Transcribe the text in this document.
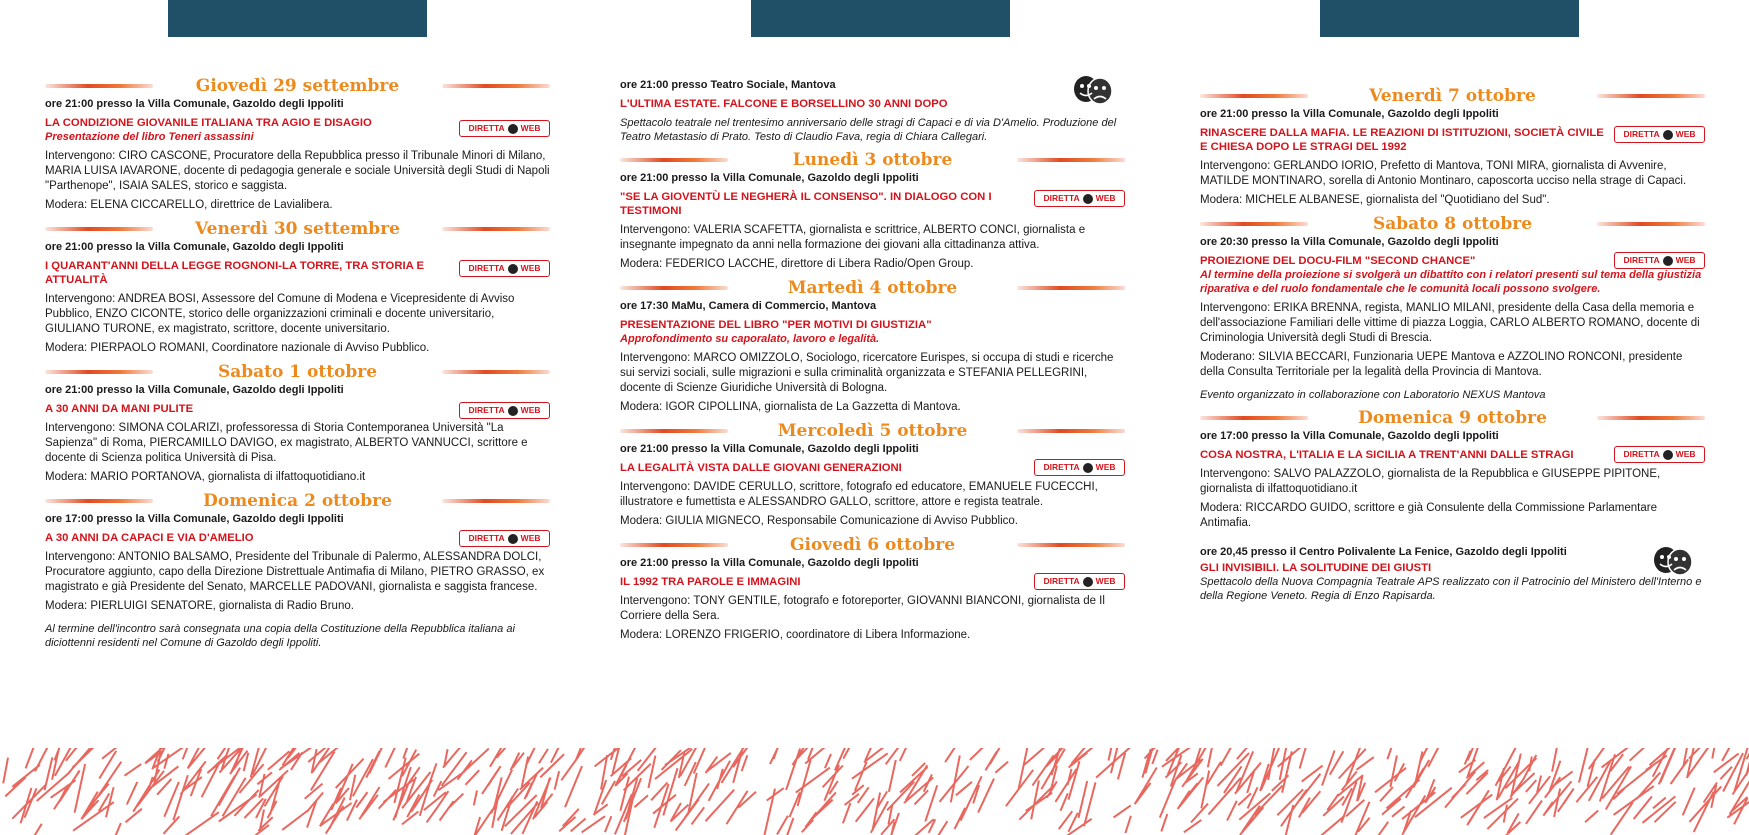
Giovedì 29 settembre
ore 21:00 presso la Villa Comunale, Gazoldo degli Ippoliti
DIRETTA WEB
LA CONDIZIONE GIOVANILE ITALIANA TRA AGIO E DISAGIO
Presentazione del libro Teneri assassini
Intervengono: CIRO CASCONE, Procuratore della Repubblica presso il Tribunale Minori di Milano, MARIA LUISA IAVARONE, docente di pedagogia generale e sociale Università degli Studi di Napoli "Parthenope", ISAIA SALES, storico e saggista.
Modera: ELENA CICCARELLO, direttrice de Lavialibera.
Venerdì 30 settembre
ore 21:00 presso la Villa Comunale, Gazoldo degli Ippoliti
DIRETTA WEB
I QUARANT'ANNI DELLA LEGGE ROGNONI-LA TORRE, TRA STORIA E ATTUALITÀ
Intervengono: ANDREA BOSI, Assessore del Comune di Modena e Vicepresidente di Avviso Pubblico, ENZO CICONTE, storico delle organizzazioni criminali e docente universitario, GIULIANO TURONE, ex magistrato, scrittore, docente universitario.
Modera: PIERPAOLO ROMANI, Coordinatore nazionale di Avviso Pubblico.
Sabato 1 ottobre
ore 21:00 presso la Villa Comunale, Gazoldo degli Ippoliti
DIRETTA WEB
A 30 ANNI DA MANI PULITE
Intervengono: SIMONA COLARIZI, professoressa di Storia Contemporanea Università "La Sapienza" di Roma, PIERCAMILLO DAVIGO, ex magistrato, ALBERTO VANNUCCI, scrittore e docente di Scienza politica Università di Pisa.
Modera: MARIO PORTANOVA, giornalista di ilfattoquotidiano.it
Domenica 2 ottobre
ore 17:00 presso la Villa Comunale, Gazoldo degli Ippoliti
DIRETTA WEB
A 30 ANNI DA CAPACI E VIA D'AMELIO
Intervengono: ANTONIO BALSAMO, Presidente del Tribunale di Palermo, ALESSANDRA DOLCI, Procuratore aggiunto, capo della Direzione Distrettuale Antimafia di Milano, PIETRO GRASSO, ex magistrato e già Presidente del Senato, MARCELLE PADOVANI, giornalista e saggista francese.
Modera: PIERLUIGI SENATORE, giornalista di Radio Bruno.
Al termine dell'incontro sarà consegnata una copia della Costituzione della Repubblica italiana ai diciottenni residenti nel Comune di Gazoldo degli Ippoliti.
ore 21:00 presso Teatro Sociale, Mantova
L'ULTIMA ESTATE. FALCONE E BORSELLINO 30 ANNI DOPO
Spettacolo teatrale nel trentesimo anniversario delle stragi di Capaci e di via D'Amelio. Produzione del Teatro Metastasio di Prato. Testo di Claudio Fava, regia di Chiara Callegari.
Lunedì 3 ottobre
ore 21:00 presso la Villa Comunale, Gazoldo degli Ippoliti
DIRETTA WEB
"SE LA GIOVENTÙ LE NEGHERÀ IL CONSENSO". IN DIALOGO CON I TESTIMONI
Intervengono: VALERIA SCAFETTA, giornalista e scrittrice, ALBERTO CONCI, giornalista e insegnante impegnato da anni nella formazione dei giovani alla cittadinanza attiva.
Modera: FEDERICO LACCHE, direttore di Libera Radio/Open Group.
Martedì 4 ottobre
ore 17:30 MaMu, Camera di Commercio, Mantova
PRESENTAZIONE DEL LIBRO "PER MOTIVI DI GIUSTIZIA"
Approfondimento su caporalato, lavoro e legalità.
Intervengono: MARCO OMIZZOLO, Sociologo, ricercatore Eurispes, si occupa di studi e ricerche sui servizi sociali, sulle migrazioni e sulla criminalità organizzata e STEFANIA PELLEGRINI, docente di Scienze Giuridiche Università di Bologna.
Modera: IGOR CIPOLLINA, giornalista de La Gazzetta di Mantova.
Mercoledì 5 ottobre
ore 21:00 presso la Villa Comunale, Gazoldo degli Ippoliti
DIRETTA WEB
LA LEGALITÀ VISTA DALLE GIOVANI GENERAZIONI
Intervengono: DAVIDE CERULLO, scrittore, fotografo ed educatore, EMANUELE FUCECCHI, illustratore e fumettista e ALESSANDRO GALLO, scrittore, attore e regista teatrale.
Modera: GIULIA MIGNECO, Responsabile Comunicazione di Avviso Pubblico.
Giovedì 6 ottobre
ore 21:00 presso la Villa Comunale, Gazoldo degli Ippoliti
DIRETTA WEB
IL 1992 TRA PAROLE E IMMAGINI
Intervengono: TONY GENTILE, fotografo e fotoreporter, GIOVANNI BIANCONI, giornalista de Il Corriere della Sera.
Modera: LORENZO FRIGERIO, coordinatore di Libera Informazione.
Venerdì 7 ottobre
ore 21:00 presso la Villa Comunale, Gazoldo degli Ippoliti
DIRETTA WEB
RINASCERE DALLA MAFIA. LE REAZIONI DI ISTITUZIONI, SOCIETÀ CIVILE E CHIESA DOPO LE STRAGI DEL 1992
Intervengono: GERLANDO IORIO, Prefetto di Mantova, TONI MIRA, giornalista di Avvenire, MATILDE MONTINARO, sorella di Antonio Montinaro, caposcorta ucciso nella strage di Capaci.
Modera: MICHELE ALBANESE, giornalista del "Quotidiano del Sud".
Sabato 8 ottobre
ore 20:30 presso la Villa Comunale, Gazoldo degli Ippoliti
DIRETTA WEB
PROIEZIONE DEL DOCU-FILM "SECOND CHANCE"
Al termine della proiezione si svolgerà un dibattito con i relatori presenti sul tema della giustizia riparativa e del ruolo fondamentale che le comunità locali possono svolgere.
Intervengono: ERIKA BRENNA, regista, MANLIO MILANI, presidente della Casa della memoria e dell'associazione Familiari delle vittime di piazza Loggia, CARLO ALBERTO ROMANO, docente di Criminologia Università degli Studi di Brescia.
Moderano: SILVIA BECCARI, Funzionaria UEPE Mantova e AZZOLINO RONCONI, presidente della Consulta Territoriale per la legalità della Provincia di Mantova.
Evento organizzato in collaborazione con Laboratorio NEXUS Mantova
Domenica 9 ottobre
ore 17:00 presso la Villa Comunale, Gazoldo degli Ippoliti
DIRETTA WEB
COSA NOSTRA, L'ITALIA E LA SICILIA A TRENT'ANNI DALLE STRAGI
Intervengono: SALVO PALAZZOLO, giornalista de la Repubblica e GIUSEPPE PIPITONE, giornalista di ilfattoquotidiano.it
Modera: RICCARDO GUIDO, scrittore e già Consulente della Commissione Parlamentare Antimafia.
ore 20,45 presso il Centro Polivalente La Fenice, Gazoldo degli Ippoliti
GLI INVISIBILI. LA SOLITUDINE DEI GIUSTI
Spettacolo della Nuova Compagnia Teatrale APS realizzato con il Patrocinio del Ministero dell'Interno e della Regione Veneto. Regia di Enzo Rapisarda.
